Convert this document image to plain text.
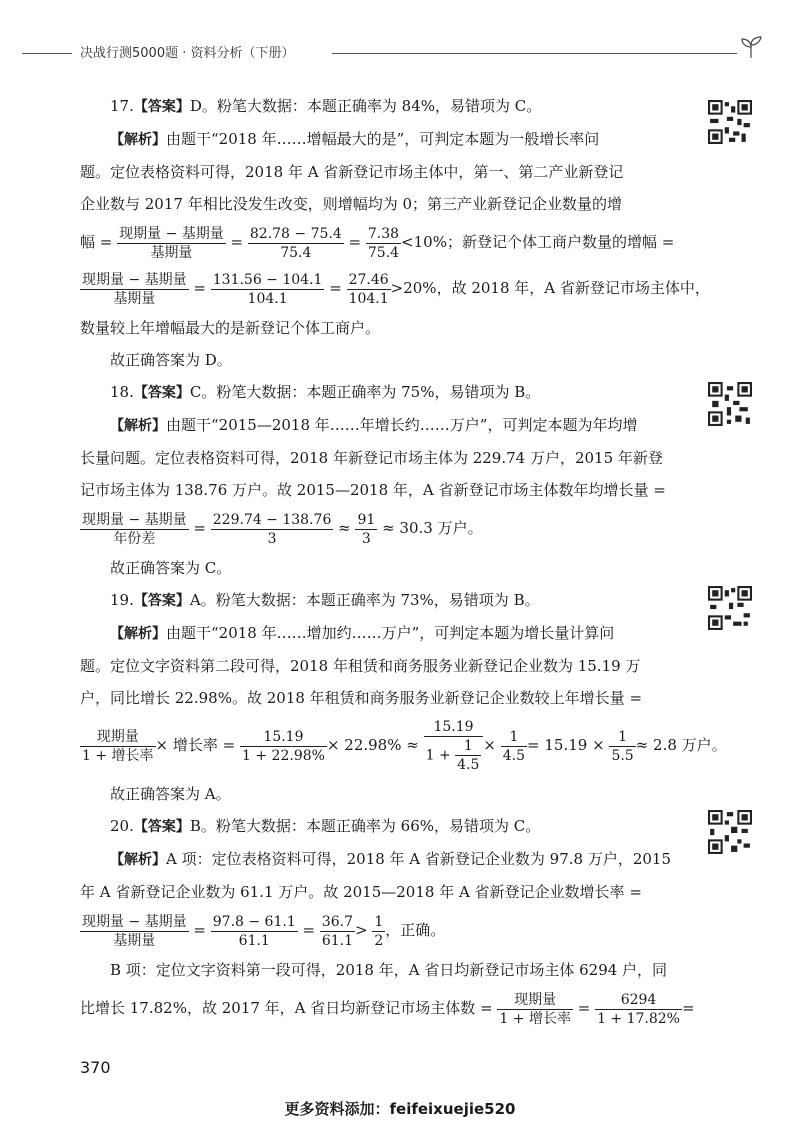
决战行测5000题 · 资料分析（下册）

17.【答案】D。粉笔大数据：本题正确率为 84%，易错项为 C。

【解析】由题干“2018 年……增幅最大的是”，可判定本题为一般增长率问

题。定位表格资料可得，2018 年 A 省新登记市场主体中，第一、第二产业新登记

企业数与 2017 年相比没发生改变，则增幅均为 0；第三产业新登记企业数量的增

幅 = 现期量 − 基期量
基期量
= $\frac{82.78 - 75.4}{75.4} = \frac{7.38}{75.4} <10\%$；新登记个体工商户数量的增幅 =

现期量 − 基期量
基期量
= $\frac{131.56 - 104.1}{104.1} = \frac{27.46}{104.1} >20\%$，故 2018 年，A 省新登记市场主体中，

数量较上年增幅最大的是新登记个体工商户。

故正确答案为 D。

18.【答案】C。粉笔大数据：本题正确率为 75%，易错项为 B。

【解析】由题干“2015—2018 年……年增长约……万户”，可判定本题为年均增

长量问题。定位表格资料可得，2018 年新登记市场主体为 229.74 万户，2015 年新登

记市场主体为 138.76 万户。故 2015—2018 年，A 省新登记市场主体数年均增长量 =

现期量 − 基期量
年份差
= $\frac{229.74 - 138.76}{3} \approx \frac{91}{3} \approx 30.3$ 万户。

故正确答案为 C。

19.【答案】A。粉笔大数据：本题正确率为 73%，易错项为 B。

【解析】由题干“2018 年……增加约……万户”，可判定本题为增长量计算问

题。定位文字资料第二段可得，2018 年租赁和商务服务业新登记企业数为 15.19 万

户，同比增长 22.98%。故 2018 年租赁和商务服务业新登记企业数较上年增长量 =

现期量
1 + 增长率
× 增长率 = $\frac{15.19}{1 + 22.98\%} \times 22.98\% \approx \frac{15.19}{1 + \frac{1}{4.5}} \times \frac{1}{4.5} = 15.19 \times \frac{1}{5.5} \approx 2.8$ 万户。

故正确答案为 A。

20.【答案】B。粉笔大数据：本题正确率为 66%，易错项为 C。

【解析】A 项：定位表格资料可得，2018 年 A 省新登记企业数为 97.8 万户，2015

年 A 省新登记企业数为 61.1 万户。故 2015—2018 年 A 省新登记企业数增长率 =

现期量 − 基期量
基期量
= $\frac{97.8 - 61.1}{61.1} = \frac{36.7}{61.1} > \frac{1}{2}$ ，正确。

B 项：定位文字资料第一段可得，2018 年，A 省日均新登记市场主体 6294 户，同

比增长 17.82%，故 2017 年，A 省日均新登记市场主体数 =	现期量
1 + 增长率
= $\frac{6294}{1 + 17.82\%}$ =

370
更多资料添加：feifeixuejie520
